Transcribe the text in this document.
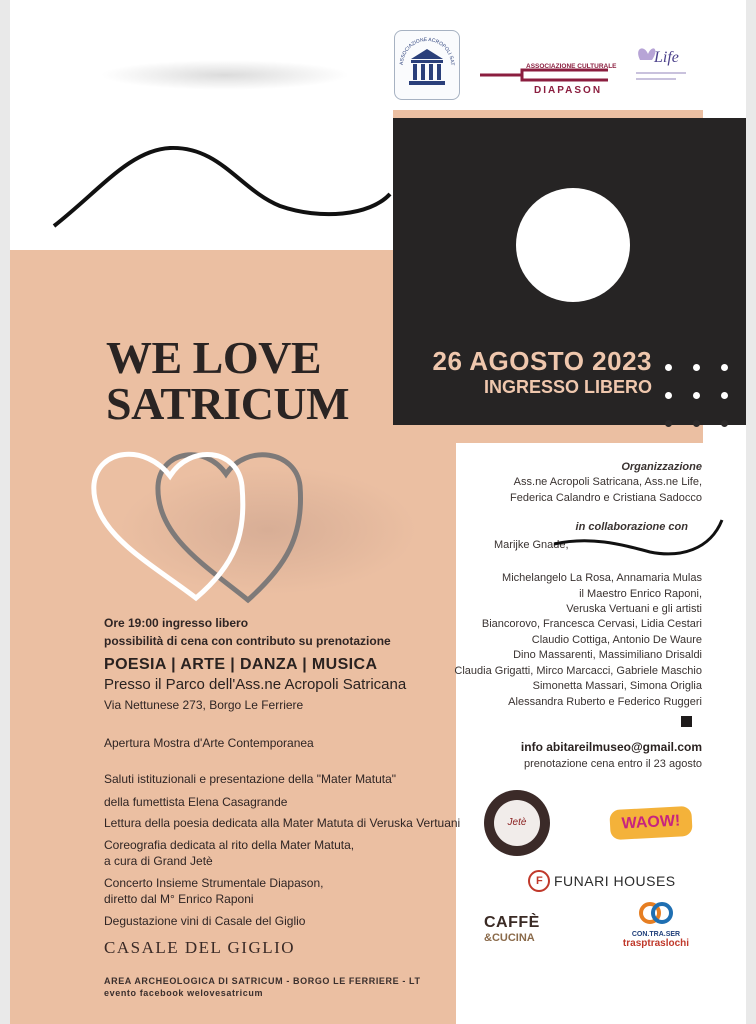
ASSOCIAZIONE ACROPOLI SAT	ASSOCIAZIONE CULTURALE
DIAPASON
Life
26 AGOSTO 2023
INGRESSO LIBERO
WE LOVE
SATRICUM
Ore 19:00 ingresso libero
possibilità di cena con contributo su prenotazione
POESIA | ARTE | DANZA | MUSICA
Presso il Parco dell'Ass.ne Acropoli Satricana
Via Nettunese 273, Borgo Le Ferriere
Apertura Mostra d'Arte Contemporanea
Saluti istituzionali e presentazione della "Mater Matuta"
della fumettista Elena Casagrande
Lettura della poesia dedicata alla Mater Matuta di Veruska Vertuani
Coreografia dedicata al rito della Mater Matuta,
a cura di Grand Jetè
Concerto Insieme Strumentale Diapason,
diretto dal M° Enrico Raponi
Degustazione vini di Casale del Giglio
CASALE DEL GIGLIO
AREA ARCHEOLOGICA DI SATRICUM - BORGO LE FERRIERE - LT
evento facebook welovesatricum
Organizzazione
Ass.ne Acropoli Satricana, Ass.ne Life,
Federica Calandro e Cristiana Sadocco
in collaborazione con
Marijke Gnade,
Michelangelo La Rosa, Annamaria Mulas
il Maestro Enrico Raponi,
Veruska Vertuani e gli artisti
Biancorovo, Francesca Cervasi, Lidia Cestari
Claudio Cottiga, Antonio De Waure
Dino Massarenti, Massimiliano Drisaldi
Claudia Grigatti, Mirco Marcacci, Gabriele Maschio
Simonetta Massari, Simona Origlia
Alessandra Ruberto e Federico Ruggeri
info abitareilmuseo@gmail.com
prenotazione cena entro il 23 agosto
Jetè	WAOW!
F FUNARI HOUSES
CAFFÈ
&CUCINA	CON.TRA.SER
trasptraslochi
